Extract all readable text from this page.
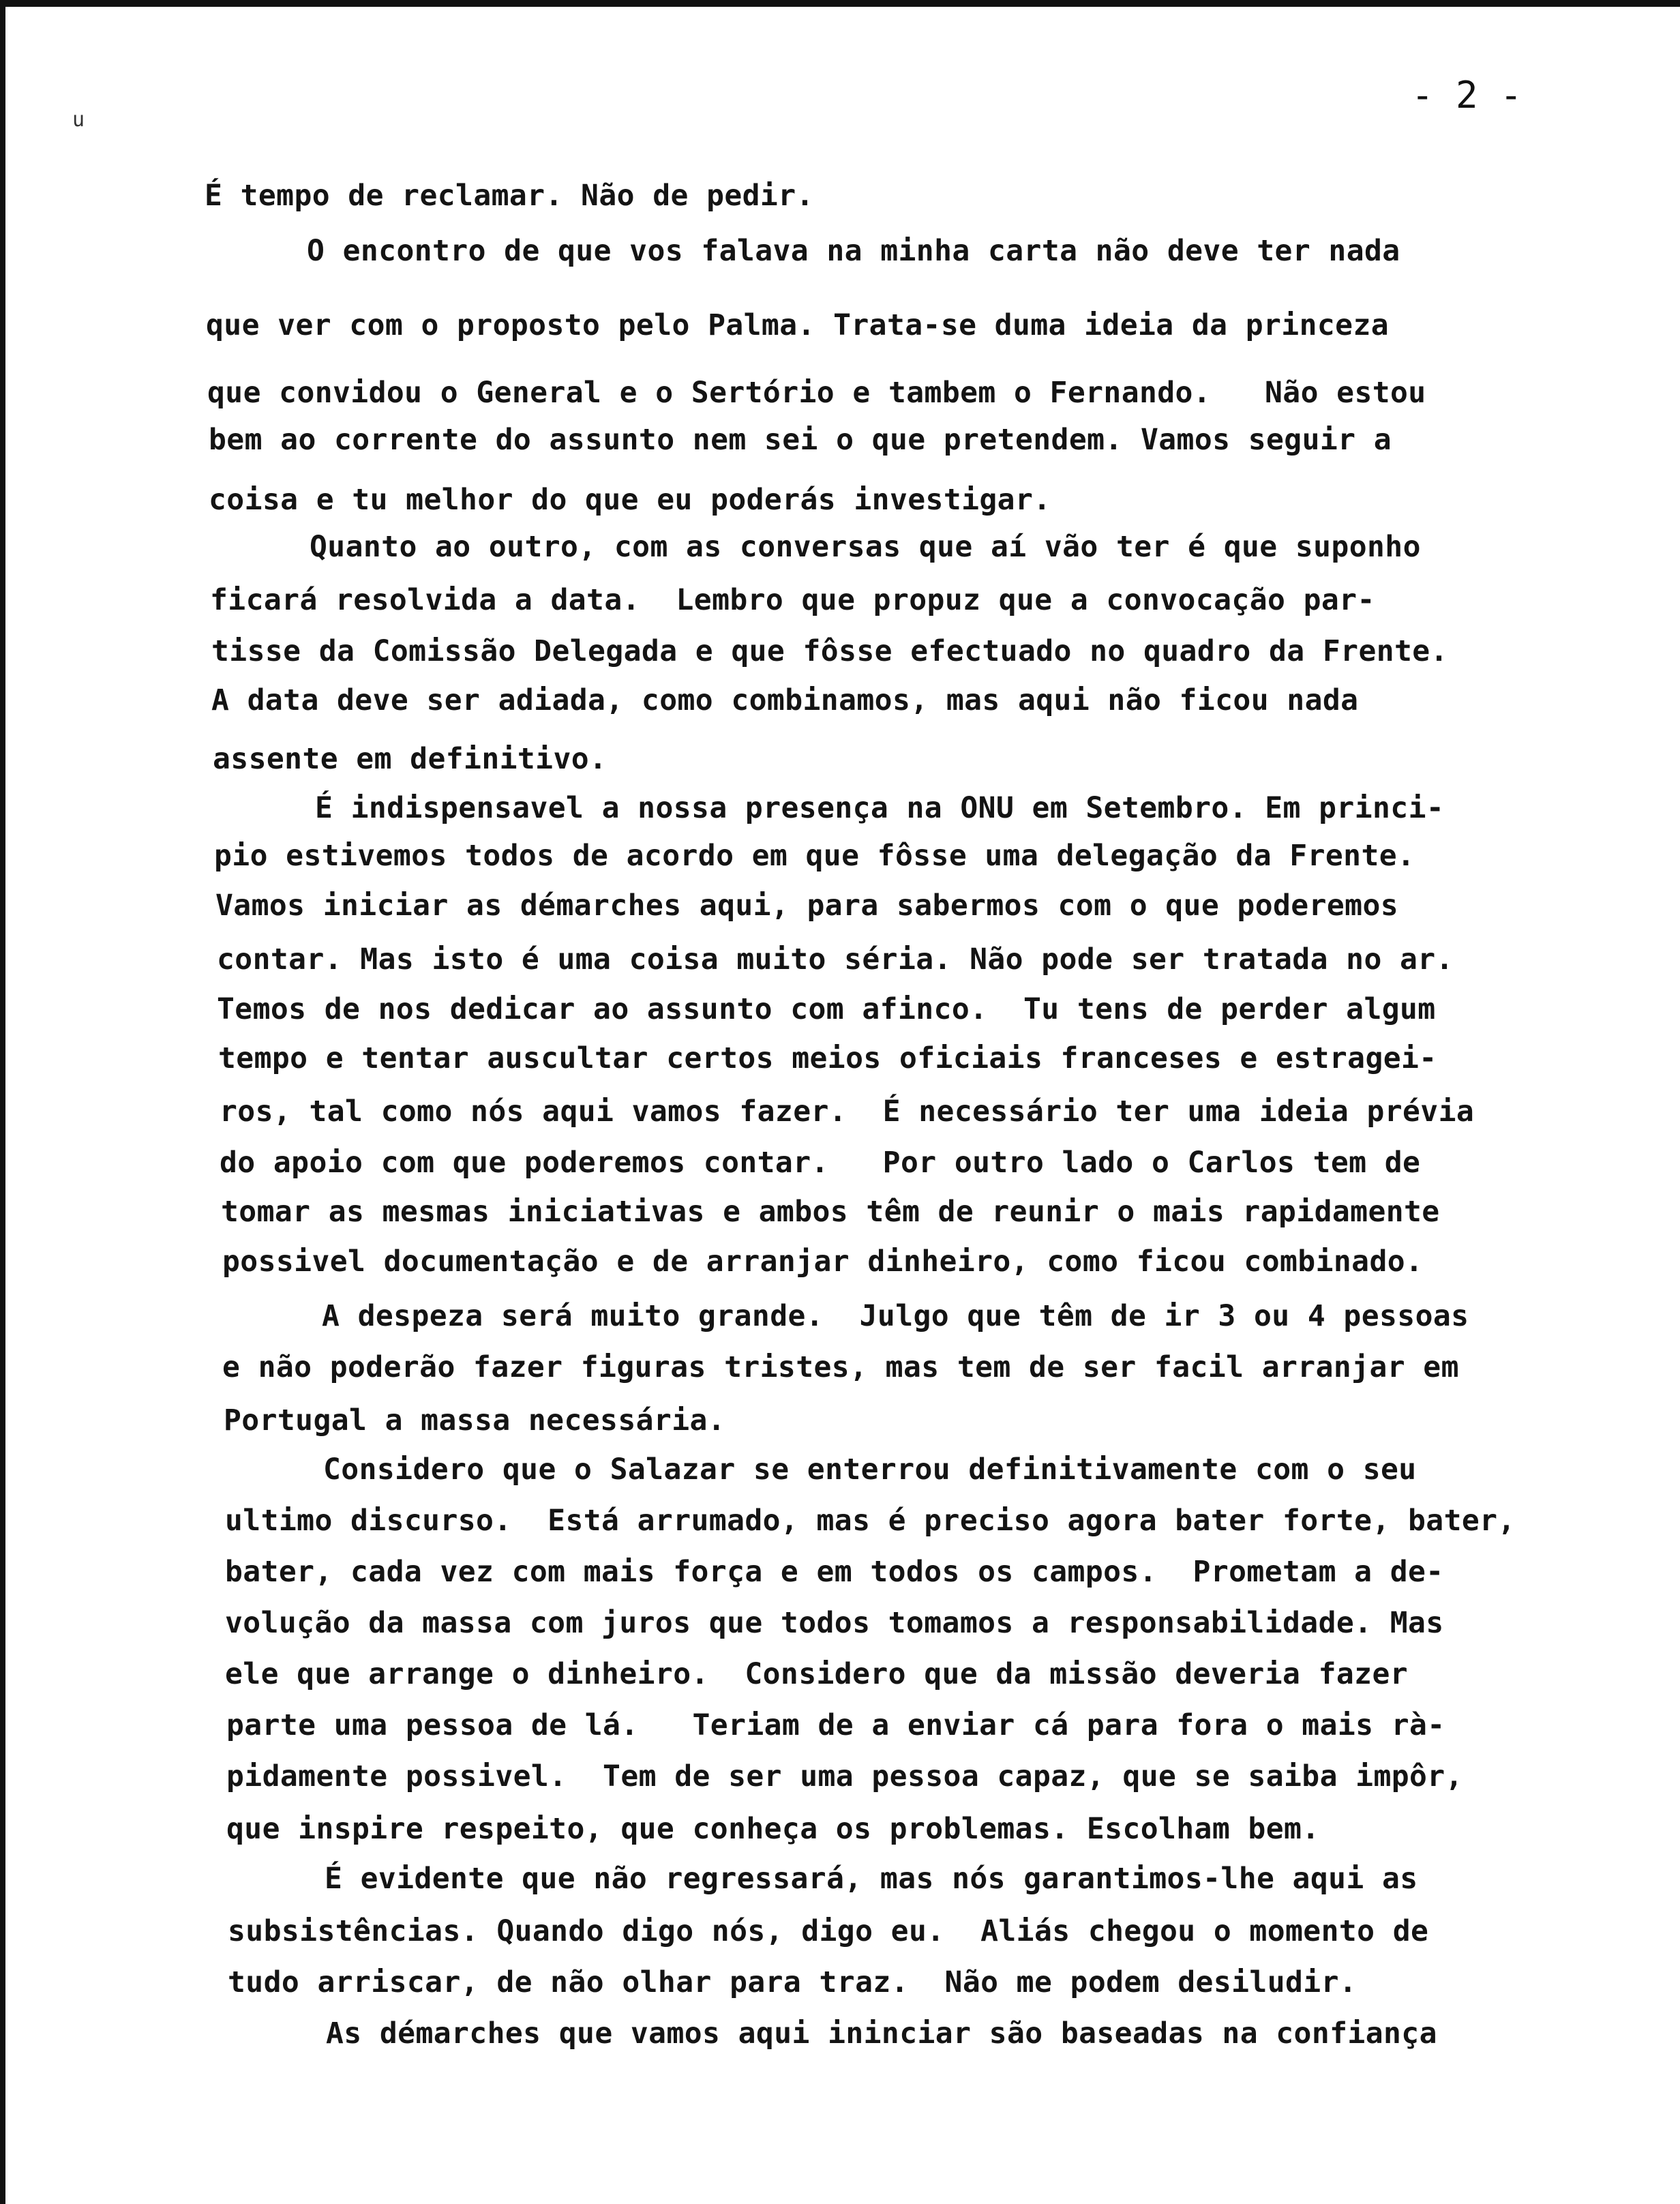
- 2 -
u

É tempo de reclamar. Não de pedir.

O encontro de que vos falava na minha carta não deve ter nada

que ver com o proposto pelo Palma. Trata-se duma ideia da princeza

que convidou o General e o Sertório e tambem o Fernando.   Não estou

bem ao corrente do assunto nem sei o que pretendem. Vamos seguir a

coisa e tu melhor do que eu poderás investigar.

Quanto ao outro, com as conversas que aí vão ter é que suponho

ficará resolvida a data.  Lembro que propuz que a convocação par-

tisse da Comissão Delegada e que fôsse efectuado no quadro da Frente.

A data deve ser adiada, como combinamos, mas aqui não ficou nada

assente em definitivo.

É indispensavel a nossa presença na ONU em Setembro. Em princi-

pio estivemos todos de acordo em que fôsse uma delegação da Frente.

Vamos iniciar as démarches aqui, para sabermos com o que poderemos

contar. Mas isto é uma coisa muito séria. Não pode ser tratada no ar.

Temos de nos dedicar ao assunto com afinco.  Tu tens de perder algum

tempo e tentar auscultar certos meios oficiais franceses e estragei-

ros, tal como nós aqui vamos fazer.  É necessário ter uma ideia prévia

do apoio com que poderemos contar.   Por outro lado o Carlos tem de

tomar as mesmas iniciativas e ambos têm de reunir o mais rapidamente

possivel documentação e de arranjar dinheiro, como ficou combinado.

A despeza será muito grande.  Julgo que têm de ir 3 ou 4 pessoas

e não poderão fazer figuras tristes, mas tem de ser facil arranjar em

Portugal a massa necessária.

Considero que o Salazar se enterrou definitivamente com o seu

ultimo discurso.  Está arrumado, mas é preciso agora bater forte, bater,

bater, cada vez com mais força e em todos os campos.  Prometam a de-

volução da massa com juros que todos tomamos a responsabilidade. Mas

ele que arrange o dinheiro.  Considero que da missão deveria fazer

parte uma pessoa de lá.   Teriam de a enviar cá para fora o mais rà-

pidamente possivel.  Tem de ser uma pessoa capaz, que se saiba impôr,

que inspire respeito, que conheça os problemas. Escolham bem.

É evidente que não regressará, mas nós garantimos-lhe aqui as

subsistências. Quando digo nós, digo eu.  Aliás chegou o momento de

tudo arriscar, de não olhar para traz.  Não me podem desiludir.

As démarches que vamos aqui ininciar são baseadas na confiança
